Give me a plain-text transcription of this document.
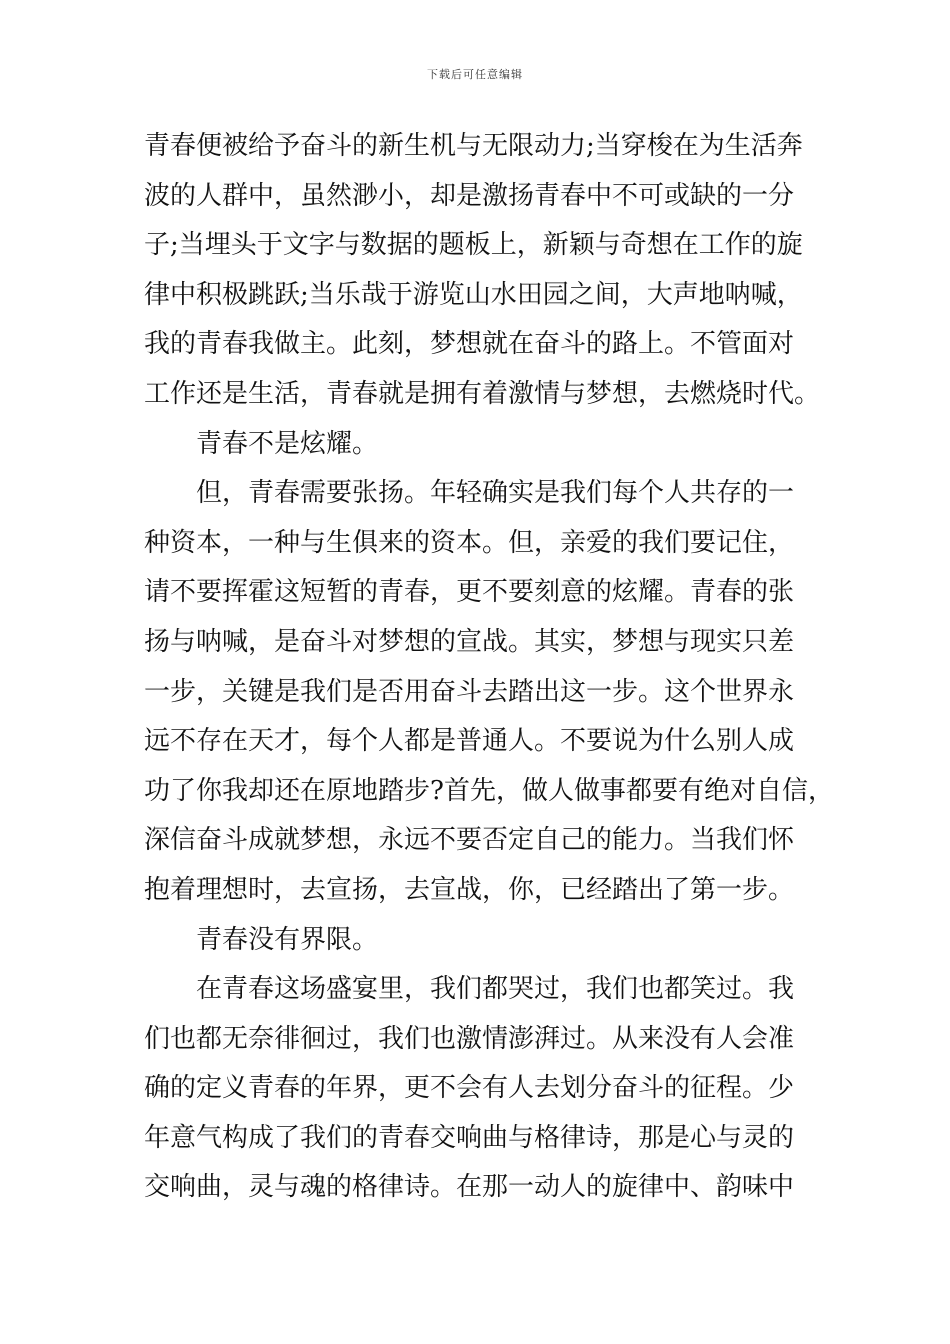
下载后可任意编辑
青春便被给予奋斗的新生机与无限动力;当穿梭在为生活奔
波的人群中，虽然渺小，却是激扬青春中不可或缺的一分
子;当埋头于文字与数据的题板上，新颖与奇想在工作的旋
律中积极跳跃;当乐哉于游览山水田园之间，大声地呐喊，
我的青春我做主。此刻，梦想就在奋斗的路上。不管面对
工作还是生活，青春就是拥有着激情与梦想，去燃烧时代。
青春不是炫耀。
但，青春需要张扬。年轻确实是我们每个人共存的一
种资本，一种与生俱来的资本。但，亲爱的我们要记住，
请不要挥霍这短暂的青春，更不要刻意的炫耀。青春的张
扬与呐喊，是奋斗对梦想的宣战。其实，梦想与现实只差
一步，关键是我们是否用奋斗去踏出这一步。这个世界永
远不存在天才，每个人都是普通人。不要说为什么别人成
功了你我却还在原地踏步?首先，做人做事都要有绝对自信，
深信奋斗成就梦想，永远不要否定自己的能力。当我们怀
抱着理想时，去宣扬，去宣战，你，已经踏出了第一步。
青春没有界限。
在青春这场盛宴里，我们都哭过，我们也都笑过。我
们也都无奈徘徊过，我们也激情澎湃过。从来没有人会准
确的定义青春的年界，更不会有人去划分奋斗的征程。少
年意气构成了我们的青春交响曲与格律诗，那是心与灵的
交响曲，灵与魂的格律诗。在那一动人的旋律中、韵味中
